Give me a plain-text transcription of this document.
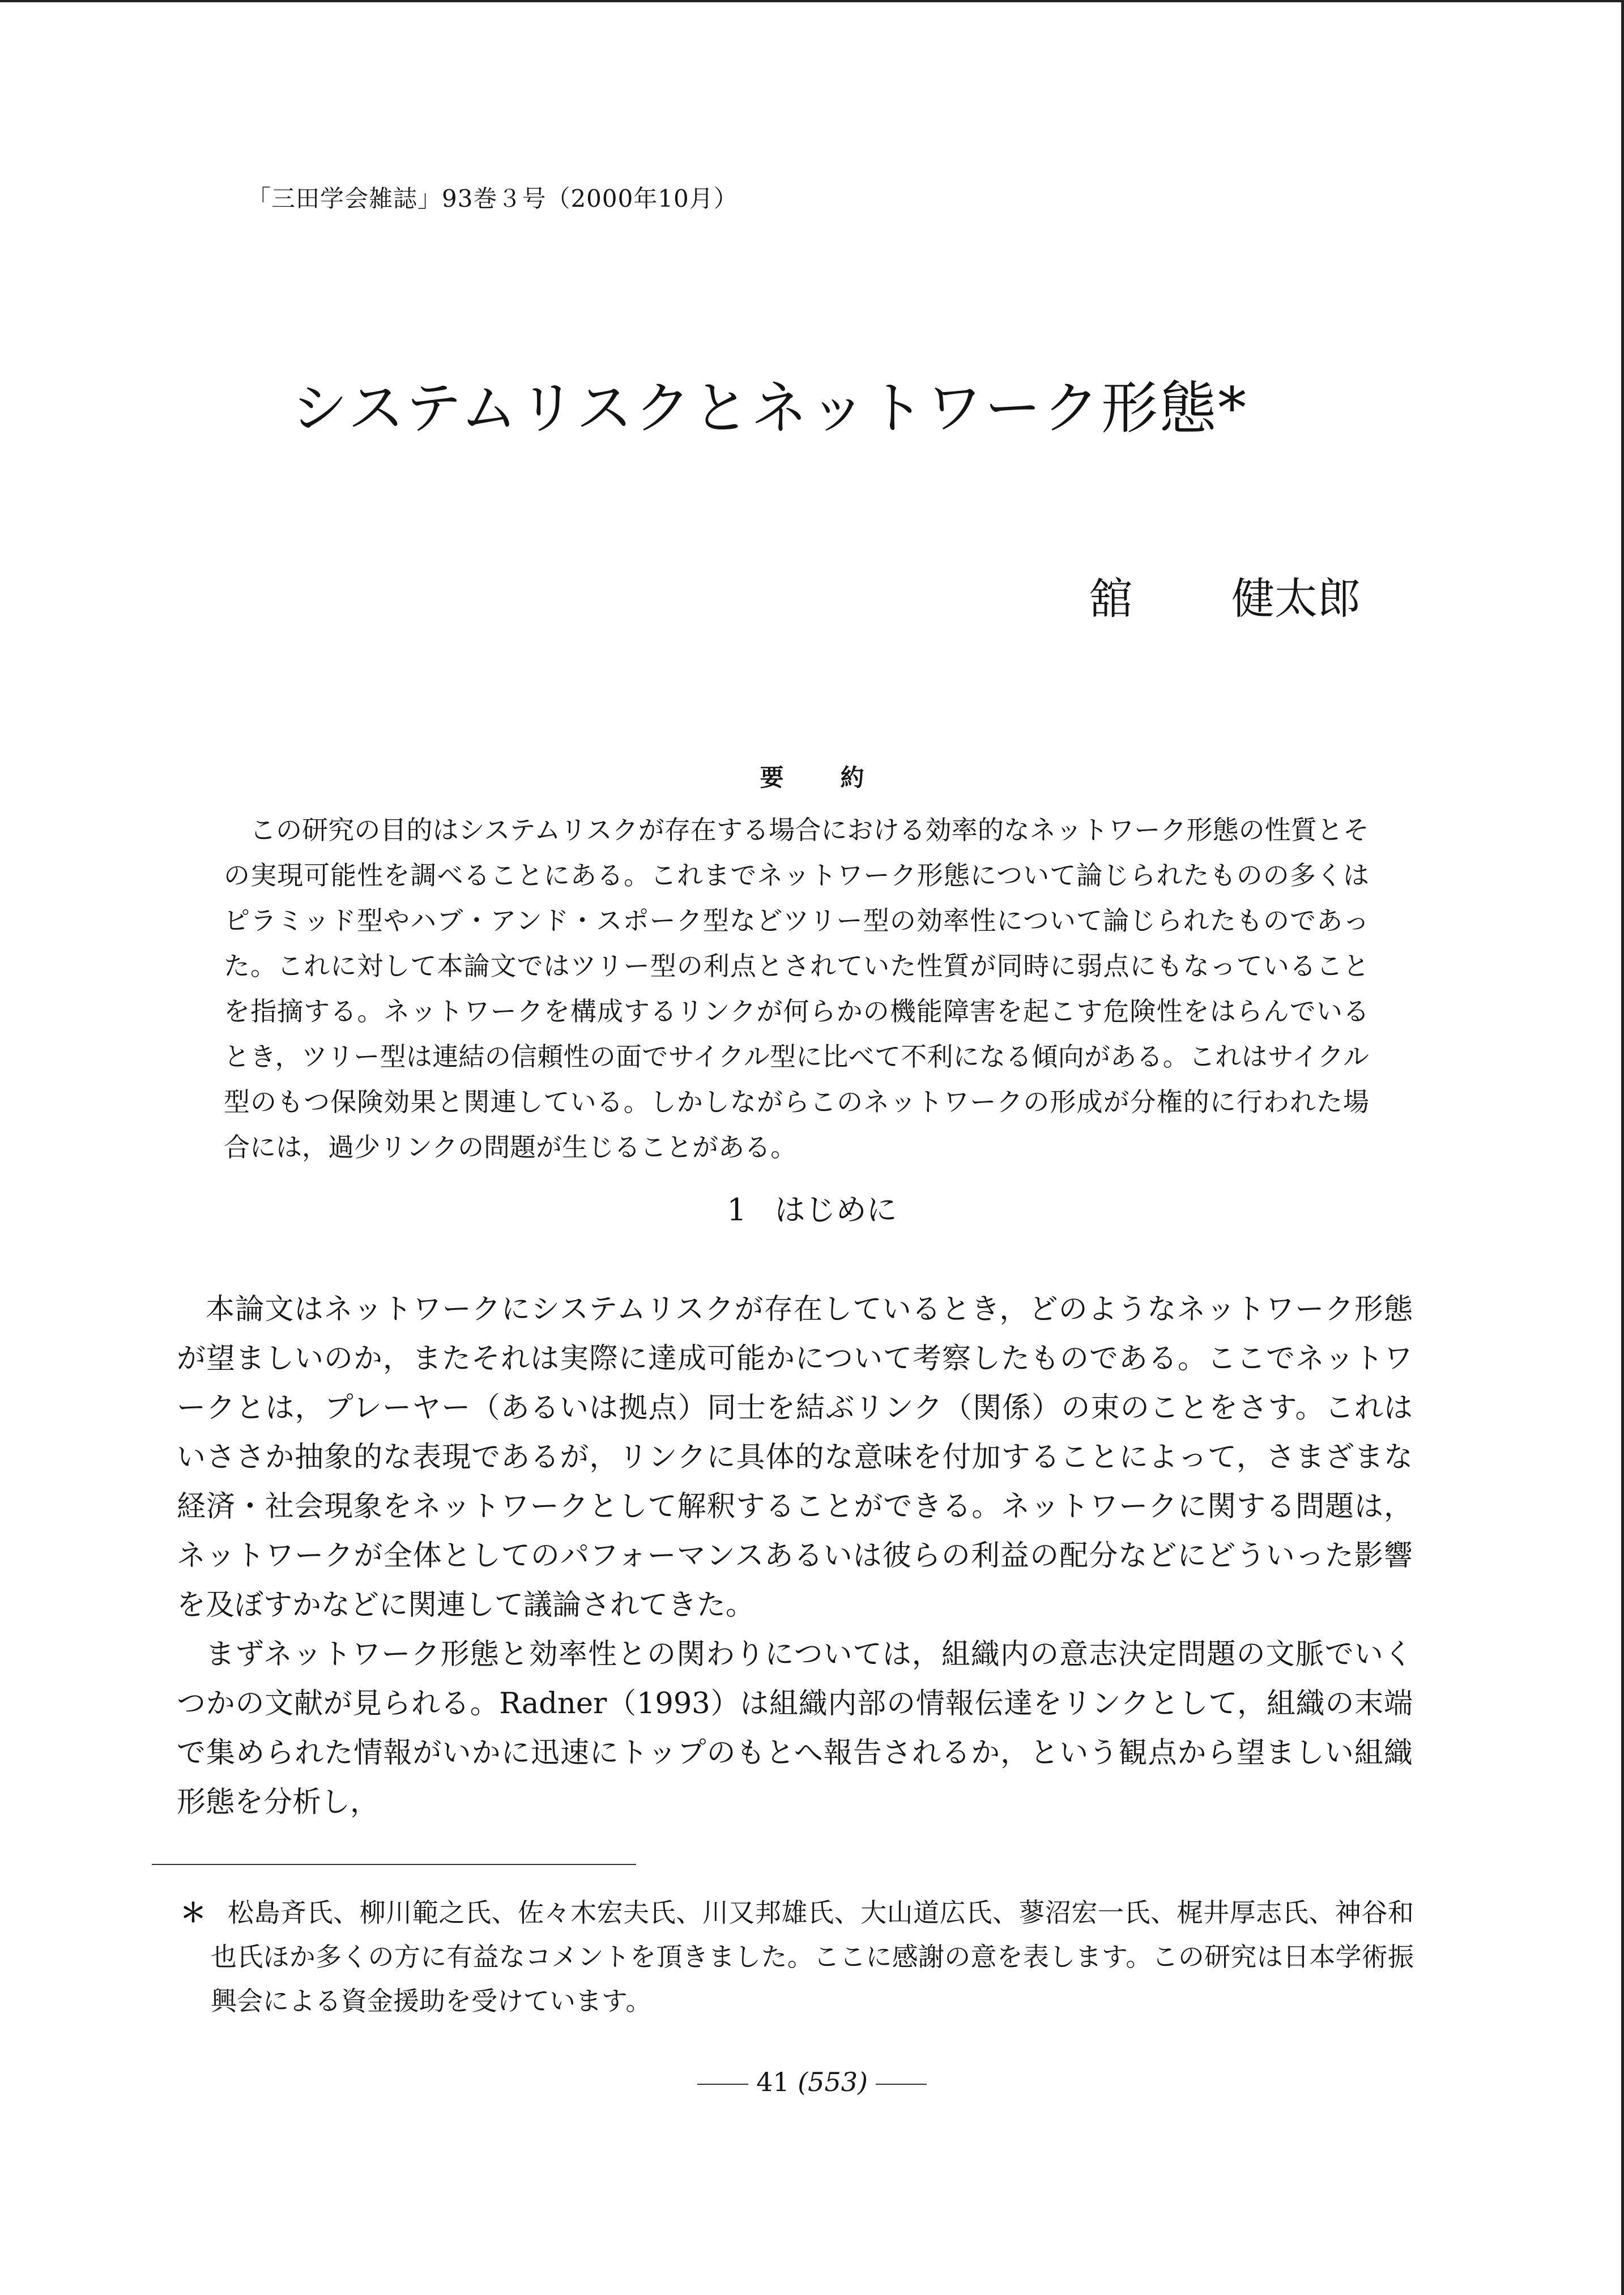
「三田学会雑誌」93巻３号（2000年10月）
システムリスクとネットワーク形態*
舘 健太郎
要約

この研究の目的はシステムリスクが存在する場合における効率的なネットワーク形態の性質とその実現可能性を調べることにある。これまでネットワーク形態について論じられたものの多くはピラミッド型やハブ・アンド・スポーク型などツリー型の効率性について論じられたものであった。これに対して本論文ではツリー型の利点とされていた性質が同時に弱点にもなっていることを指摘する。ネットワークを構成するリンクが何らかの機能障害を起こす危険性をはらんでいるとき，ツリー型は連結の信頼性の面でサイクル型に比べて不利になる傾向がある。これはサイクル型のもつ保険効果と関連している。しかしながらこのネットワークの形成が分権的に行われた場合には，過少リンクの問題が生じることがある。

1 はじめに

本論文はネットワークにシステムリスクが存在しているとき，どのようなネットワーク形態が望ましいのか，またそれは実際に達成可能かについて考察したものである。ここでネットワークとは，プレーヤー（あるいは拠点）同士を結ぶリンク（関係）の束のことをさす。これはいささか抽象的な表現であるが，リンクに具体的な意味を付加することによって，さまざまな経済・社会現象をネットワークとして解釈することができる。ネットワークに関する問題は，ネットワークが全体としてのパフォーマンスあるいは彼らの利益の配分などにどういった影響を及ぼすかなどに関連して議論されてきた。

まずネットワーク形態と効率性との関わりについては，組織内の意志決定問題の文脈でいくつかの文献が見られる。Radner（1993）は組織内部の情報伝達をリンクとして，組織の末端で集められた情報がいかに迅速にトップのもとへ報告されるか，という観点から望ましい組織形態を分析し，

＊ 松島斉氏、柳川範之氏、佐々木宏夫氏、川又邦雄氏、大山道広氏、蓼沼宏一氏、梶井厚志氏、神谷和也氏ほか多くの方に有益なコメントを頂きました。ここに感謝の意を表します。この研究は日本学術振興会による資金援助を受けています。
41 (553)
